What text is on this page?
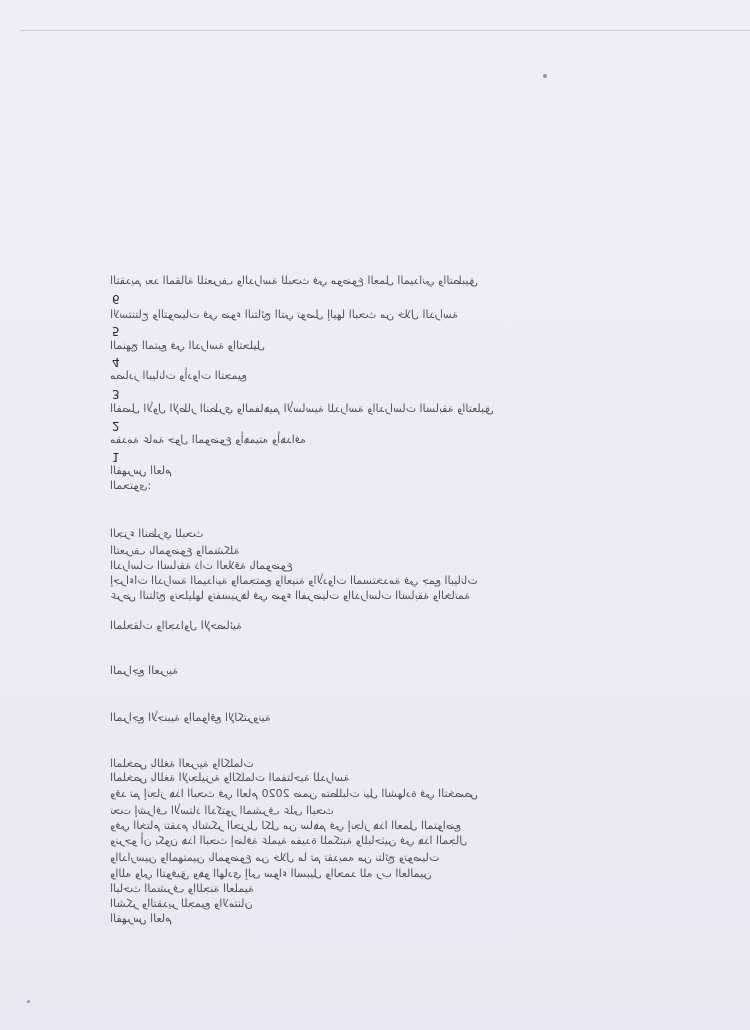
ﺍﻟﺘﻘﺪﻳﻢ ﺑﻌﺪ ﺍﻟﻤﻘﺎﻟﺔ ﻟﻠﺘﻌﺮﻳﻒ ﻭﺍﻟﺪﺭﺍﺳﺔ ﻟﻠﺒﺤﺚ ﻓﻲ ﻣﻮﺿﻮﻉ ﺍﻟﻌﻤﻞ ﺍﻟﻤﻴﺪﺍﻧﻲ ﻭﺍﻟﺘﻄﺒﻴﻖ
6
ﺍﻻﺳﺘﻨﺘﺎﺝ ﻭﺍﻟﺘﻮﺻﻴﺎﺕ ﻓﻲ ﺿﻮﺀ ﺍﻟﻨﺘﺎﺋﺞ ﺍﻟﺘﻲ ﺗﻮﺻﻞ ﺇﻟﻴﻬﺎ ﺍﻟﺒﺤﺚ ﻣﻦ ﺧﻼﻝ ﺍﻟﺪﺭﺍﺳﺔ
5
ﺍﻟﻤﻨﻬﺞ ﺍﻟﻤﺘﺒﻊ ﻓﻲ ﺍﻟﺪﺭﺍﺳﺔ ﻭﺍﻟﺘﺤﻠﻴﻞ
4
ﻣﺼﺎﺩﺭ ﺍﻟﺒﻴﺎﻧﺎﺕ ﻭﺃﺩﻭﺍﺕ ﺍﻟﺘﺠﻤﻴﻊ
3
ﺍﻟﻔﺼﻞ ﺍﻷﻭﻝ ﺍﻹﻃﺎﺭ ﺍﻟﻨﻈﺮﻱ ﻭﺍﻟﻤﻔﺎﻫﻴﻢ ﺍﻷﺳﺎﺳﻴﺔ ﻟﻠﺪﺭﺍﺳﺔ ﻭﺍﻟﺪﺭﺍﺳﺎﺕ ﺍﻟﺴﺎﺑﻘﺔ ﻭﺍﻟﺘﻌﻠﻴﻖ
2
ﻣﻘﺪﻣﺔ ﻋﺎﻣﺔ ﺣﻮﻝ ﺍﻟﻤﻮﺿﻮﻉ ﻭﺃﻫﻤﻴﺘﻪ ﻭﺃﻫﺪﺍﻓﻪ
1
ﺍﻟﻔﻬﺮﺱ ﺍﻟﻌﺎﻡ
ﺍﻟﻤﺤﺘﻮﻯ:
ﺍﻟﺠﺰﺀ ﺍﻟﻨﻈﺮﻱ ﻟﻠﺒﺤﺚ
ﺍﻟﺘﻌﺮﻳﻒ ﺑﺎﻟﻤﻮﺿﻮﻉ ﻭﺍﻟﻤﺸﻜﻠﺔ
ﺍﻟﺪﺭﺍﺳﺎﺕ ﺍﻟﺴﺎﺑﻘﺔ ﺫﺍﺕ ﺍﻟﻌﻼﻗﺔ ﺑﺎﻟﻤﻮﺿﻮﻉ
ﺇﺟﺮﺍﺀﺍﺕ ﺍﻟﺪﺭﺍﺳﺔ ﺍﻟﻤﻴﺪﺍﻧﻴﺔ ﻭﺍﻟﻤﺠﺘﻤﻊ ﻭﺍﻟﻌﻴﻨﺔ ﻭﺍﻷﺩﻭﺍﺕ ﺍﻟﻤﺴﺘﺨﺪﻣﺔ ﻓﻲ ﺟﻤﻊ ﺍﻟﺒﻴﺎﻧﺎﺕ
ﻋﺮﺽ ﺍﻟﻨﺘﺎﺋﺞ ﻭﺗﺤﻠﻴﻠﻬﺎ ﻭﺗﻔﺴﻴﺮﻫﺎ ﻓﻲ ﺿﻮﺀ ﺍﻟﻔﺮﺿﻴﺎﺕ ﻭﺍﻟﺪﺭﺍﺳﺎﺕ ﺍﻟﺴﺎﺑﻘﺔ ﻭﺍﻟﺨﺎﺗﻤﺔ
ﺍﻟﻤﻠﺤﻘﺎﺕ ﻭﺍﻟﺠﺪﺍﻭﻝ ﺍﻹﺣﺼﺎﺋﻴﺔ
ﺍﻟﻤﺮﺍﺟﻊ ﺍﻟﻌﺮﺑﻴﺔ
ﺍﻟﻤﺮﺍﺟﻊ ﺍﻷﺟﻨﺒﻴﺔ ﻭﺍﻟﻤﻮﺍﻗﻊ ﺍﻹﻟﻜﺘﺮﻭﻧﻴﺔ
ﺍﻟﻤﻠﺨﺺ ﺑﺎﻟﻠﻐﺔ ﺍﻟﻌﺮﺑﻴﺔ ﻭﺍﻟﻜﻠﻤﺎﺕ
ﺍﻟﻤﻠﺨﺺ ﺑﺎﻟﻠﻐﺔ ﺍﻹﻧﺠﻠﻴﺰﻳﺔ ﻭﺍﻟﻜﻠﻤﺎﺕ ﺍﻟﻤﻔﺘﺎﺣﻴﺔ ﻟﻠﺪﺭﺍﺳﺔ
ﻭﻗﺪ ﺗﻢ ﺇﻧﺠﺎﺯ ﻫﺬﺍ ﺍﻟﺒﺤﺚ ﻓﻲ ﺍﻟﻌﺎﻡ 2020 ﺿﻤﻦ ﻣﺘﻄﻠﺒﺎﺕ ﻧﻴﻞ ﺍﻟﺸﻬﺎﺩﺓ ﻓﻲ ﺍﻟﺘﺨﺼﺺ
ﺗﺤﺖ ﺇﺷﺮﺍﻑ ﺍﻷﺳﺘﺎﺫ ﺍﻟﺪﻛﺘﻮﺭ ﺍﻟﻤﺸﺮﻑ ﻋﻠﻰ ﺍﻟﺒﺤﺚ
ﻭﻓﻲ ﺍﻟﺨﺘﺎﻡ ﻧﺘﻘﺪﻡ ﺑﺎﻟﺸﻜﺮ ﺍﻟﺠﺰﻳﻞ ﻟﻜﻞ ﻣﻦ ﺳﺎﻫﻢ ﻓﻲ ﺇﻧﺠﺎﺯ ﻫﺬﺍ ﺍﻟﻌﻤﻞ ﺍﻟﻤﺘﻮﺍﺿﻊ
ﻭﻧﺮﺟﻮ ﺃﻥ ﻳﻜﻮﻥ ﻫﺬﺍ ﺍﻟﺒﺤﺚ ﺇﺿﺎﻓﺔ ﻋﻠﻤﻴﺔ ﻣﻔﻴﺪﺓ ﻟﻠﻤﻜﺘﺒﺔ ﻭﻟﻠﺒﺎﺣﺜﻴﻦ ﻓﻲ ﻫﺬﺍ ﺍﻟﻤﺠﺎﻝ
ﻭﺍﻟﺪﺍﺭﺳﻴﻦ ﻭﺍﻟﻤﻬﺘﻤﻴﻦ ﺑﺎﻟﻤﻮﺿﻮﻉ ﻣﻦ ﺧﻼﻝ ﻣﺎ ﺗﻢ ﺗﻘﺪﻳﻤﻪ ﻣﻦ ﻧﺘﺎﺋﺞ ﻭﺗﻮﺻﻴﺎﺕ
ﻭﺍﻟﻠﻪ ﻭﻟﻲ ﺍﻟﺘﻮﻓﻴﻖ ﻭﻫﻮ ﺍﻟﻬﺎﺩﻱ ﺇﻟﻰ ﺳﻮﺍﺀ ﺍﻟﺴﺒﻴﻞ ﻭﺍﻟﺤﻤﺪ ﻟﻠﻪ ﺭﺏ ﺍﻟﻌﺎﻟﻤﻴﻦ
ﺍﻟﺒﺎﺣﺚ ﺍﻟﻤﺸﺮﻑ ﻭﺍﻟﻠﺠﻨﺔ ﺍﻟﻌﻠﻤﻴﺔ
ﺍﻟﺸﻜﺮ ﻭﺍﻟﺘﻘﺪﻳﺮ ﻟﻠﺠﻤﻴﻊ ﻭﺍﻻﻣﺘﻨﺎﻥ
ﺍﻟﻔﻬﺮﺱ ﺍﻟﻌﺎﻡ
